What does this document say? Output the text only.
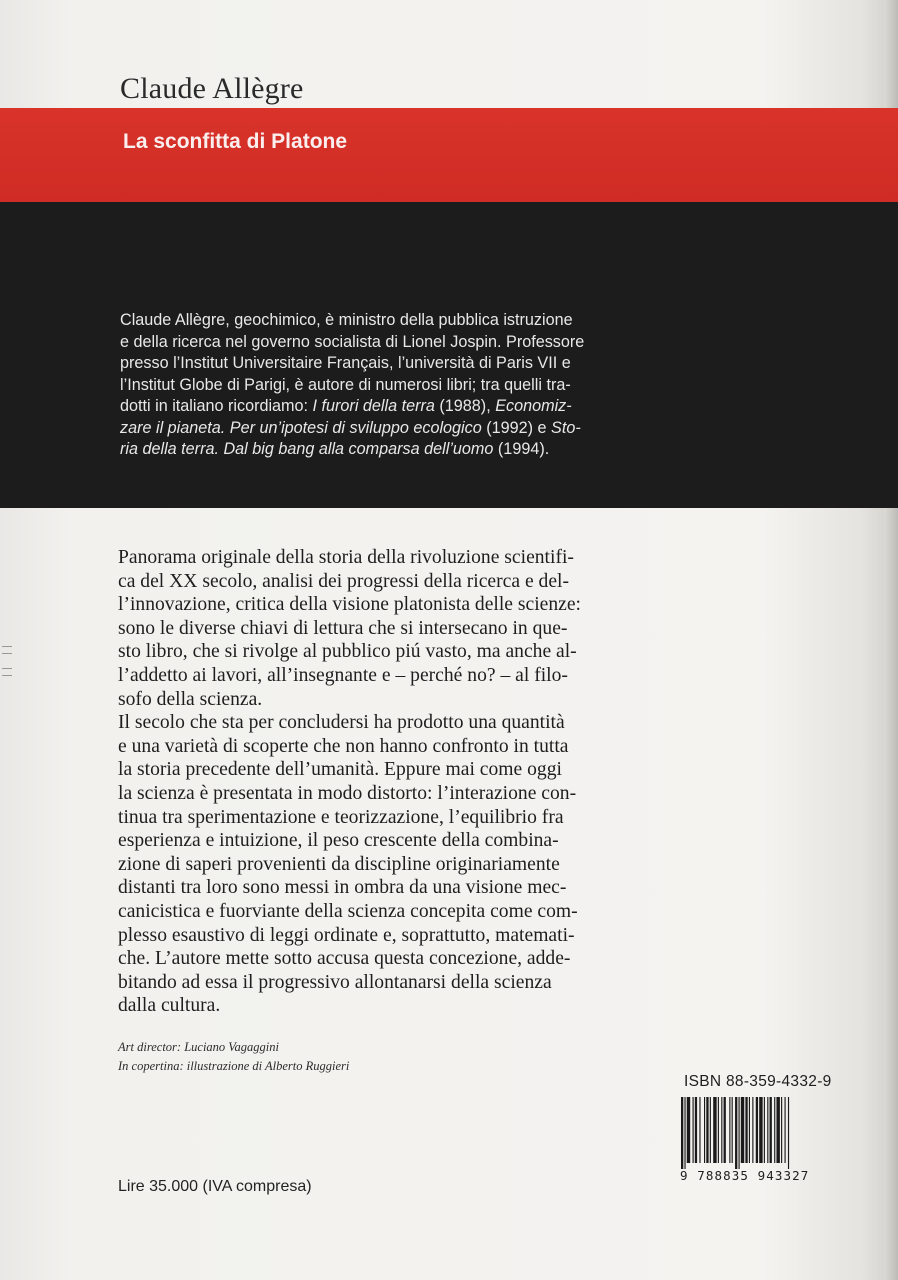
Claude Allègre
La sconfitta di Platone

Claude Allègre, geochimico, è ministro della pubblica istruzione
e della ricerca nel governo socialista di Lionel Jospin. Professore
presso l’Institut Universitaire Français, l’università di Paris VII e
l’Institut Globe di Parigi, è autore di numerosi libri; tra quelli tra-
dotti in italiano ricordiamo: I furori della terra (1988), Economiz-
zare il pianeta. Per un’ipotesi di sviluppo ecologico (1992) e Sto-
ria della terra. Dal big bang alla comparsa dell’uomo (1994).

Panorama originale della storia della rivoluzione scientifi-

ca del XX secolo, analisi dei progressi della ricerca e del-

l’innovazione, critica della visione platonista delle scienze:

sono le diverse chiavi di lettura che si intersecano in que-

sto libro, che si rivolge al pubblico piú vasto, ma anche al-

l’addetto ai lavori, all’insegnante e – perché no? – al filo-

sofo della scienza.

Il secolo che sta per concludersi ha prodotto una quantità

e una varietà di scoperte che non hanno confronto in tutta

la storia precedente dell’umanità. Eppure mai come oggi

la scienza è presentata in modo distorto: l’interazione con-

tinua tra sperimentazione e teorizzazione, l’equilibrio fra

esperienza e intuizione, il peso crescente della combina-

zione di saperi provenienti da discipline originariamente

distanti tra loro sono messi in ombra da una visione mec-

canicistica e fuorviante della scienza concepita come com-

plesso esaustivo di leggi ordinate e, soprattutto, matemati-

che. L’autore mette sotto accusa questa concezione, adde-

bitando ad essa il progressivo allontanarsi della scienza

dalla cultura.

Art director: Luciano Vagaggini
In copertina: illustrazione di Alberto Ruggieri
ISBN 88-359-4332-9
9 788835 943327
Lire 35.000 (IVA compresa)
